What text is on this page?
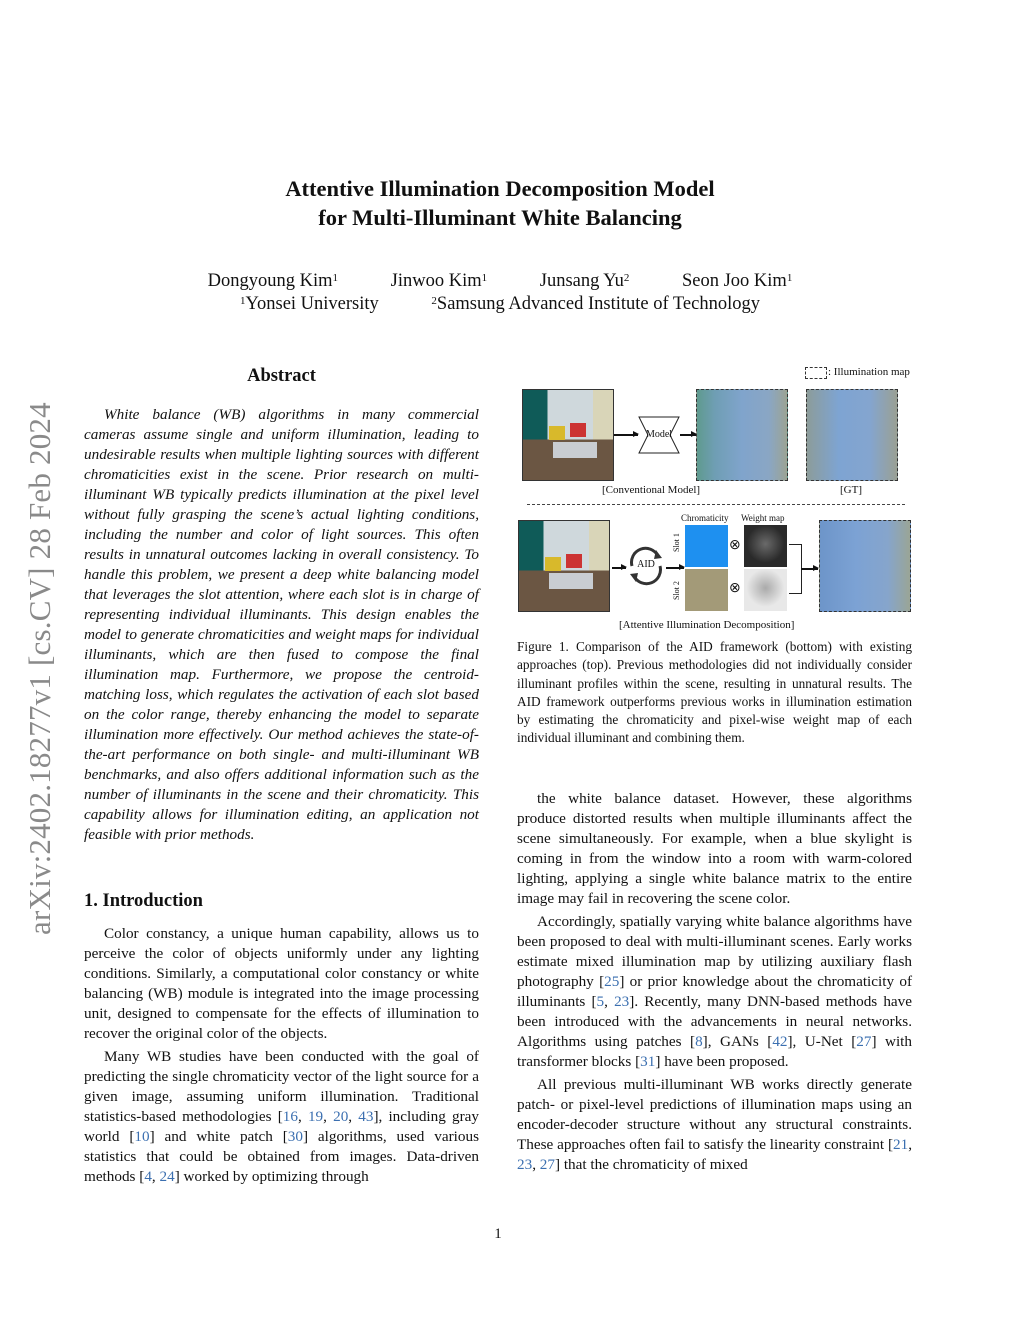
Attentive Illumination Decomposition Model
for Multi-Illuminant White Balancing
Dongyoung Kim$^1$	Jinwoo Kim$^1$	Junsang Yu$^2$	Seon Joo Kim$^1$
$^1$Yonsei University	$^2$Samsung Advanced Institute of Technology
arXiv:2402.18277v1 [cs.CV] 28 Feb 2024
Abstract

White balance (WB) algorithms in many commercial cameras assume single and uniform illumination, leading to undesirable results when multiple lighting sources with different chromaticities exist in the scene. Prior research on multi-illuminant WB typically predicts illumination at the pixel level without fully grasping the scene’s actual lighting conditions, including the number and color of light sources. This often results in unnatural outcomes lacking in overall consistency. To handle this problem, we present a deep white balancing model that leverages the slot attention, where each slot is in charge of representing individual illuminants. This design enables the model to generate chromaticities and weight maps for individual illuminants, which are then fused to compose the final illumination map. Furthermore, we propose the centroid-matching loss, which regulates the activation of each slot based on the color range, thereby enhancing the model to separate illumination more effectively. Our method achieves the state-of-the-art performance on both single- and multi-illuminant WB benchmarks, and also offers additional information such as the number of illuminants in the scene and their chromaticity. This capability allows for illumination editing, an application not feasible with prior methods.

1. Introduction

Color constancy, a unique human capability, allows us to perceive the color of objects uniformly under any lighting conditions. Similarly, a computational color constancy or white balancing (WB) module is integrated into the image processing unit, designed to compensate for the effects of illumination to recover the original color of the objects.

Many WB studies have been conducted with the goal of predicting the single chromaticity vector of the light source for a given image, assuming uniform illumination. Traditional statistics-based methodologies [16, 19, 20, 43], including gray world [10] and white patch [30] algorithms, used various statistics that could be obtained from images. Data-driven methods [4, 24] worked by optimizing through

: Illumination map
Model
[Conventional Model]	[GT]
AID
Chromaticity Weight map
Slot 1
Slot 2
⊗
⊗
[Attentive Illumination Decomposition]
Figure 1. Comparison of the AID framework (bottom) with existing approaches (top). Previous methodologies did not individually consider illuminant profiles within the scene, resulting in unnatural results. The AID framework outperforms previous works in illumination estimation by estimating the chromaticity and pixel-wise weight map of each individual illuminant and combining them.

the white balance dataset. However, these algorithms produce distorted results when multiple illuminants affect the scene simultaneously. For example, when a blue skylight is coming in from the window into a room with warm-colored lighting, applying a single white balance matrix to the entire image may fail in recovering the scene color.

Accordingly, spatially varying white balance algorithms have been proposed to deal with multi-illuminant scenes. Early works estimate mixed illumination map by utilizing auxiliary flash photography [25] or prior knowledge about the chromaticity of illuminants [5, 23]. Recently, many DNN-based methods have been introduced with the advancements in neural networks. Algorithms using patches [8], GANs [42], U-Net [27] with transformer blocks [31] have been proposed.

All previous multi-illuminant WB works directly generate patch- or pixel-level predictions of illumination maps using an encoder-decoder structure without any structural constraints. These approaches often fail to satisfy the linearity constraint [21, 23, 27] that the chromaticity of mixed

1
